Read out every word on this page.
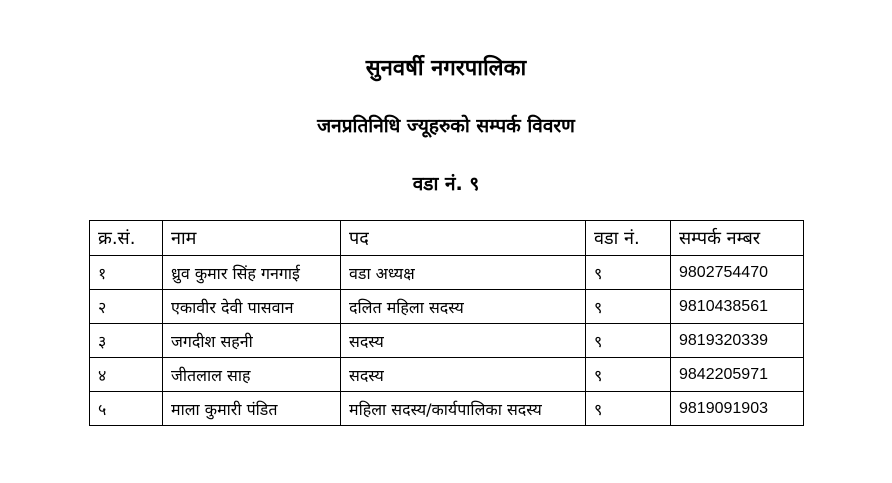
सुनवर्षी नगरपालिका
जनप्रतिनिधि ज्यूहरुको सम्पर्क विवरण
वडा नं. ९
क्र.सं.	नाम	पद	वडा नं.	सम्पर्क नम्बर
१	ध्रुव कुमार सिंह गनगाई	वडा अध्यक्ष	९	9802754470
२	एकावीर देवी पासवान	दलित महिला सदस्य	९	9810438561
३	जगदीश सहनी	सदस्य	९	9819320339
४	जीतलाल साह	सदस्य	९	9842205971
५	माला कुमारी पंडित	महिला सदस्य/कार्यपालिका सदस्य	९	9819091903
